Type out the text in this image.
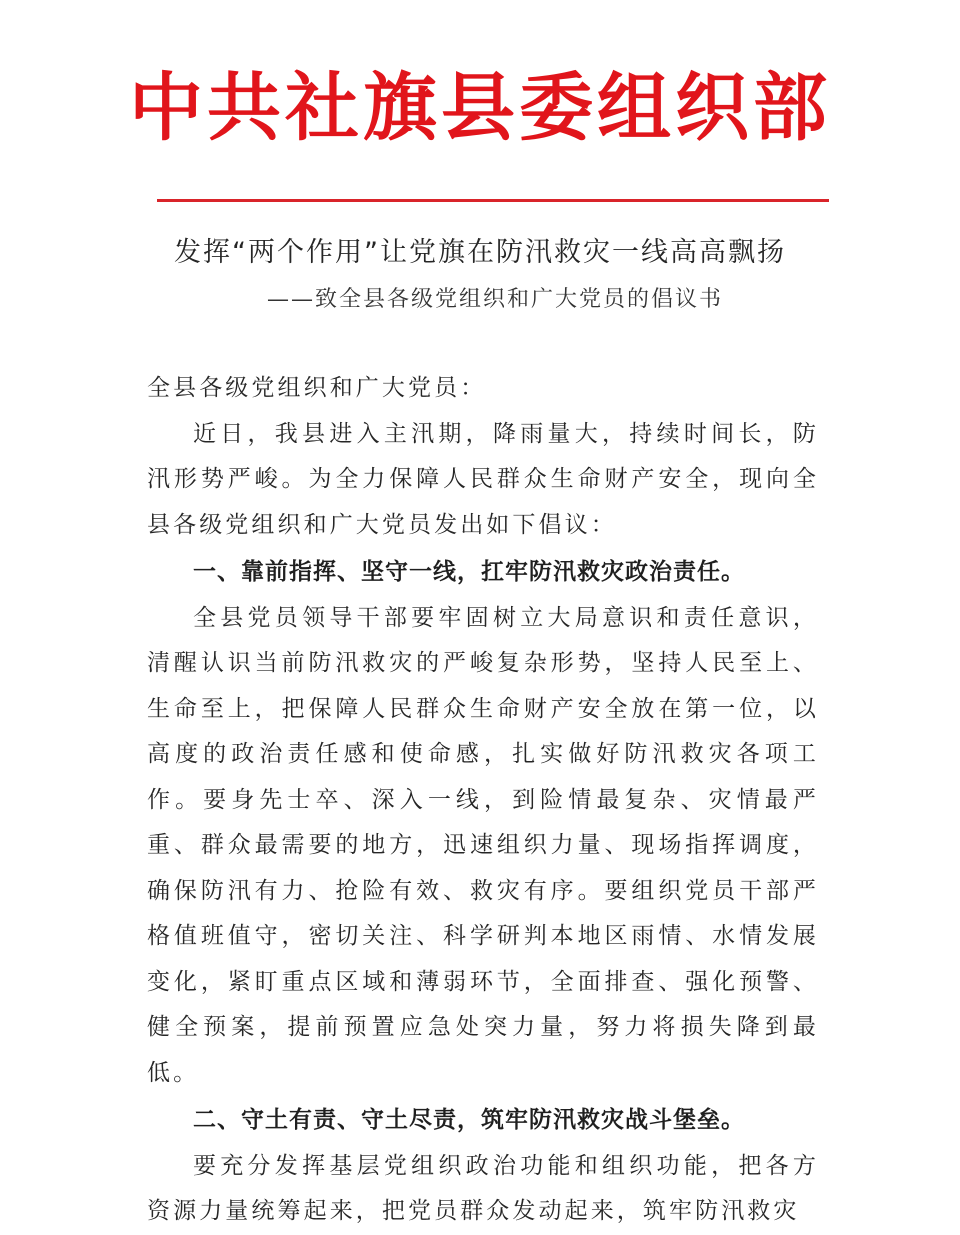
中共社旗县委组织部
发挥“两个作用”让党旗在防汛救灾一线高高飘扬
——致全县各级党组织和广大党员的倡议书

全县各级党组织和广大党员：

近日，我县进入主汛期，降雨量大，持续时间长，防汛形势严峻。为全力保障人民群众生命财产安全，现向全县各级党组织和广大党员发出如下倡议：

一、靠前指挥、坚守一线，扛牢防汛救灾政治责任。

全县党员领导干部要牢固树立大局意识和责任意识，清醒认识当前防汛救灾的严峻复杂形势，坚持人民至上、生命至上，把保障人民群众生命财产安全放在第一位，以高度的政治责任感和使命感，扎实做好防汛救灾各项工作。要身先士卒、深入一线，到险情最复杂、灾情最严重、群众最需要的地方，迅速组织力量、现场指挥调度，确保防汛有力、抢险有效、救灾有序。要组织党员干部严格值班值守，密切关注、科学研判本地区雨情、水情发展变化，紧盯重点区域和薄弱环节，全面排查、强化预警、健全预案，提前预置应急处突力量，努力将损失降到最低。

二、守土有责、守土尽责，筑牢防汛救灾战斗堡垒。

要充分发挥基层党组织政治功能和组织功能，把各方资源力量统筹起来，把党员群众发动起来，筑牢防汛救灾
